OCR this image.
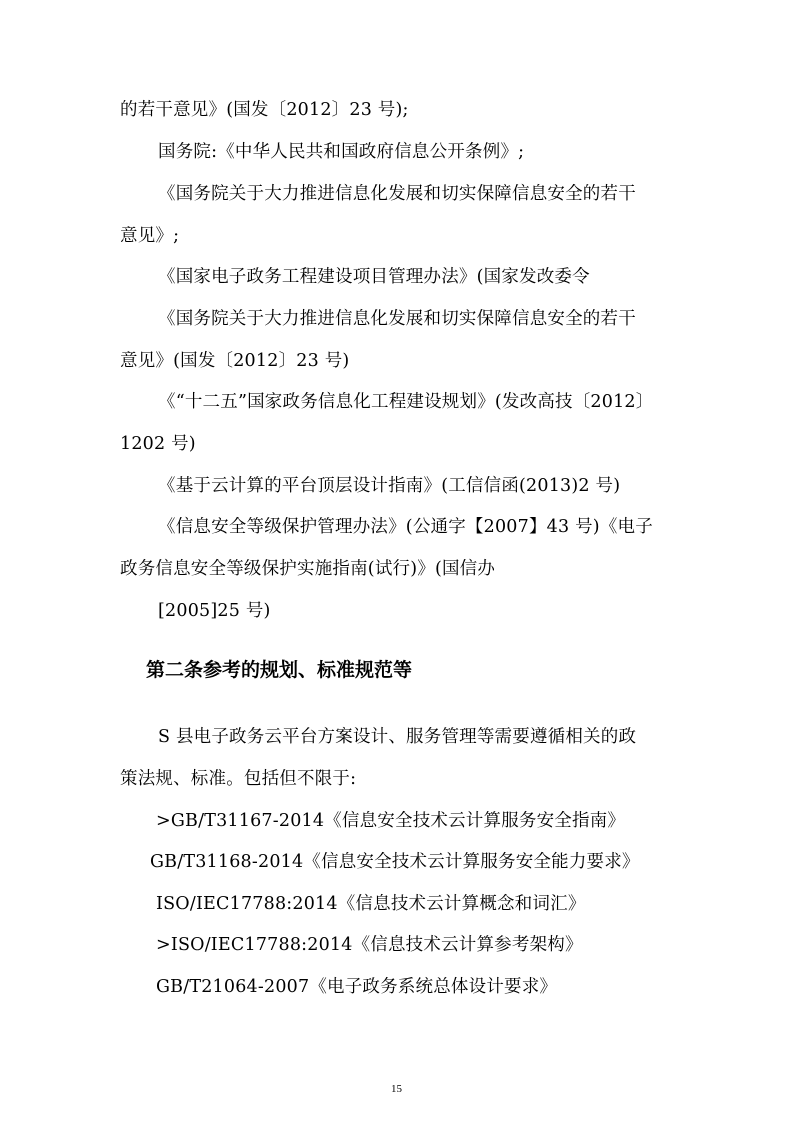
的若干意见》(国发〔2012〕23 号);
国务院:《中华人民共和国政府信息公开条例》;
《国务院关于大力推进信息化发展和切实保障信息安全的若干
意见》;
《国家电子政务工程建设项目管理办法》(国家发改委令
《国务院关于大力推进信息化发展和切实保障信息安全的若干
意见》(国发〔2012〕23 号)
《“十二五”国家政务信息化工程建设规划》(发改高技〔2012〕
1202 号)
《基于云计算的平台顶层设计指南》(工信信函(2013)2 号)
《信息安全等级保护管理办法》(公通字【2007】43 号)《电子
政务信息安全等级保护实施指南(试行)》(国信办
[2005]25 号)
第二条参考的规划、标准规范等
S 县电子政务云平台方案设计、服务管理等需要遵循相关的政
策法规、标准。包括但不限于:
>GB/T31167-2014《信息安全技术云计算服务安全指南》
GB/T31168-2014《信息安全技术云计算服务安全能力要求》
ISO/IEC17788:2014《信息技术云计算概念和词汇》
>ISO/IEC17788:2014《信息技术云计算参考架构》
GB/T21064-2007《电子政务系统总体设计要求》
15
